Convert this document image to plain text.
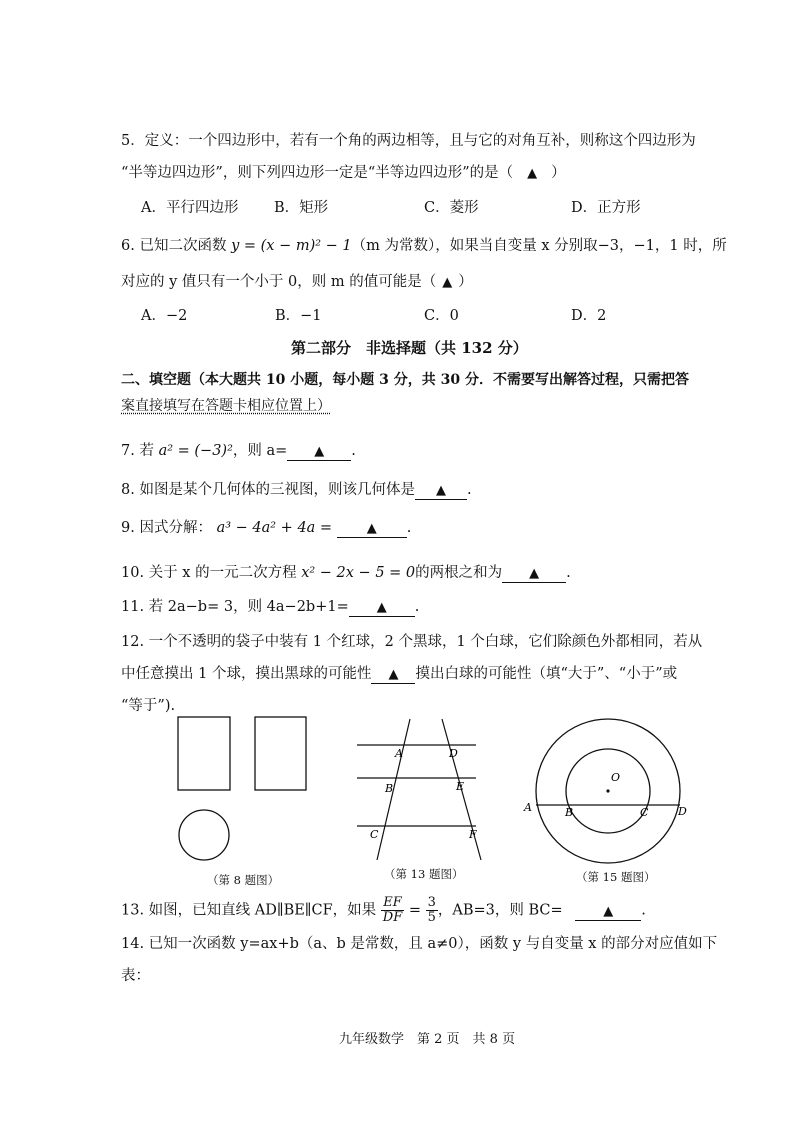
5．定义：一个四边形中，若有一个角的两边相等，且与它的对角互补，则称这个四边形为
“半等边四边形”，则下列四边形一定是“半等边四边形”的是（ ▲ ）
A．平行四边形 B．矩形	C．菱形	D．正方形
6. 已知二次函数 y = (x − m)² − 1（m 为常数），如果当自变量 x 分别取−3，−1，1 时，所
对应的 y 值只有一个小于 0，则 m 的值可能是（ ▲ ）
A．−2	B．−1	C．0	D．2
第二部分　非选择题（共 132 分）
二、填空题（本大题共 10 小题，每小题 3 分，共 30 分．不需要写出解答过程，只需把答
案直接填写在答题卡相应位置上）
7. 若 a² = (−3)²，则 a= ▲ .
8. 如图是某个几何体的三视图，则该几何体是 ▲ .
9. 因式分解： a³ − 4a² + 4a =	▲ .
10. 关于 x 的一元二次方程 x² − 2x − 5 = 0的两根之和为 ▲ .
11. 若 2a−b= 3，则 4a−2b+1= ▲ .
12. 一个不透明的袋子中装有 1 个红球，2 个黑球，1 个白球，它们除颜色外都相同，若从
中任意摸出 1 个球，摸出黑球的可能性 ▲ 摸出白球的可能性（填“大于”、“小于”或
“等于”).
（第 8 题图）
A	D
B	E
C	F
（第 13 题图）
O
A	B	C	D
（第 15 题图）
13. 如图，已知直线 AD∥BE∥CF，如果 $\frac{EF}{DF} = \frac{3}{5}$ ，AB=3，则 BC=	▲ .
14. 已知一次函数 y=ax+b（a、b 是常数，且 a≠0），函数 y 与自变量 x 的部分对应值如下
表：
九年级数学　第 2 页　共 8 页
